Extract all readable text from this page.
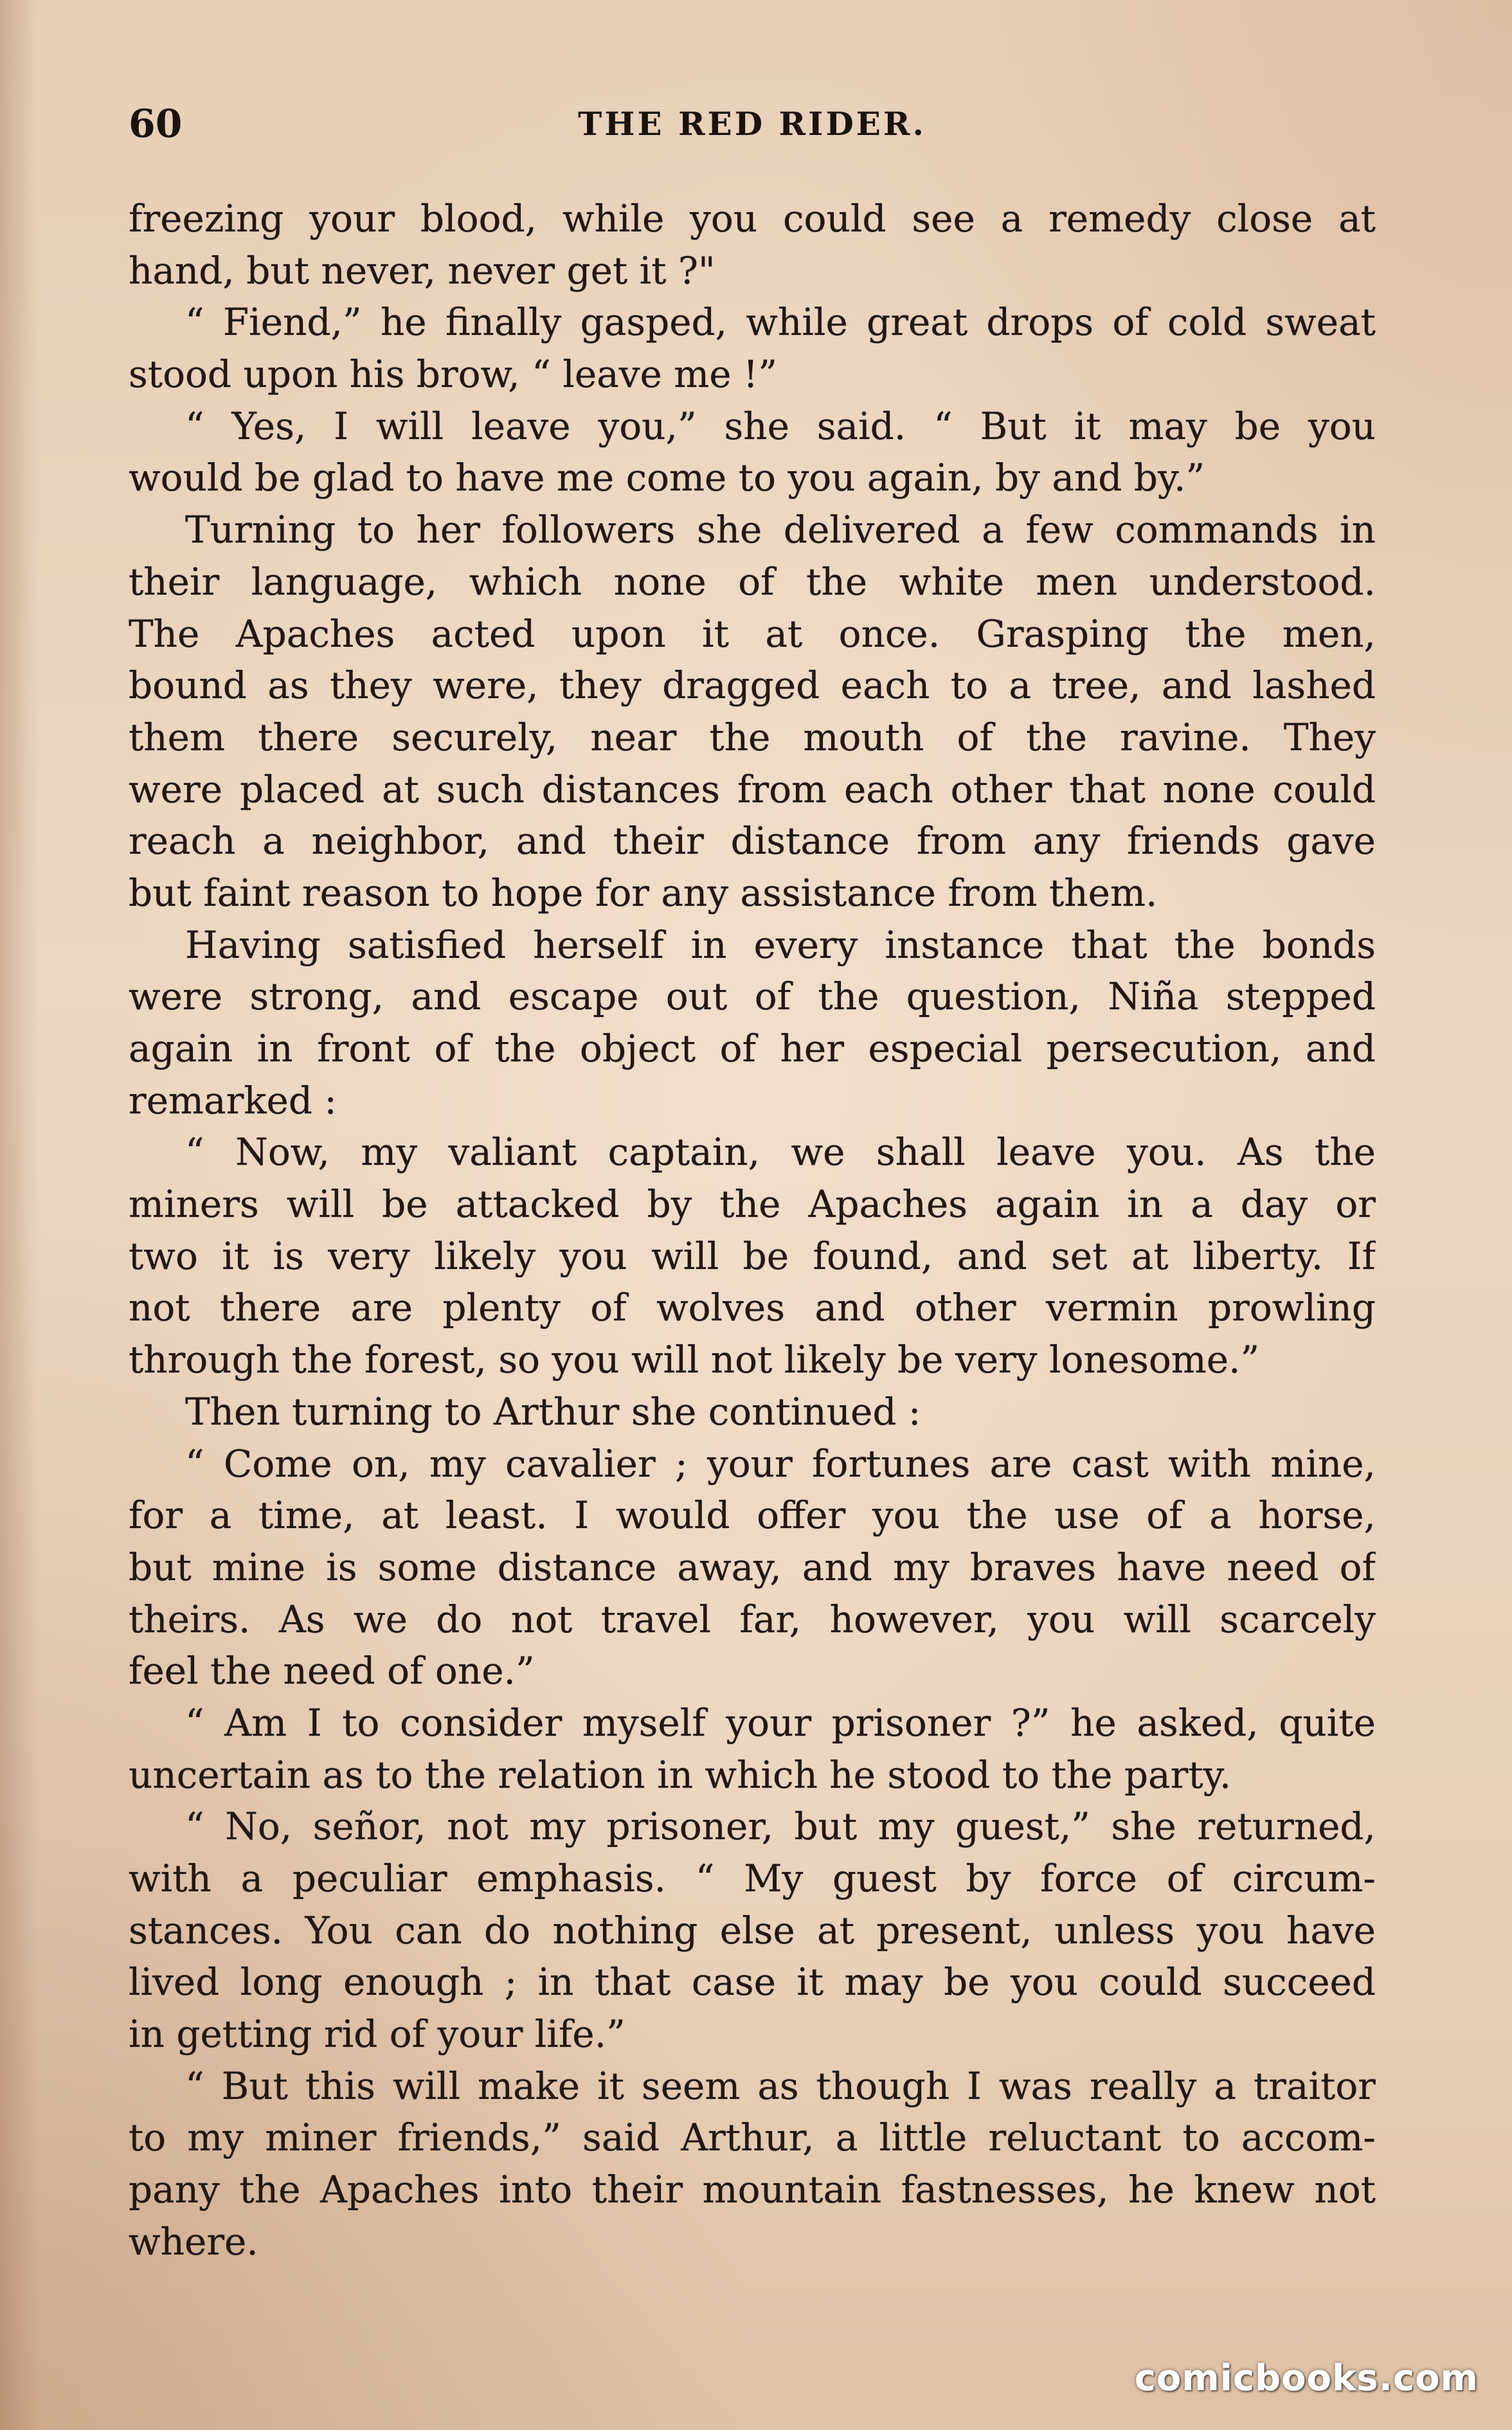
60	THE RED RIDER.
freezing your blood, while you could see a remedy close at
hand, but never, never get it ?"
“ Fiend,” he finally gasped, while great drops of cold sweat
stood upon his brow, “ leave me !”
“ Yes, I will leave you,” she said. “ But it may be you
would be glad to have me come to you again, by and by.”
Turning to her followers she delivered a few commands in
their language, which none of the white men understood.
The Apaches acted upon it at once. Grasping the men,
bound as they were, they dragged each to a tree, and lashed
them there securely, near the mouth of the ravine. They
were placed at such distances from each other that none could
reach a neighbor, and their distance from any friends gave
but faint reason to hope for any assistance from them.
Having satisfied herself in every instance that the bonds
were strong, and escape out of the question, Niña stepped
again in front of the object of her especial persecution, and
remarked :
“ Now, my valiant captain, we shall leave you. As the
miners will be attacked by the Apaches again in a day or
two it is very likely you will be found, and set at liberty. If
not there are plenty of wolves and other vermin prowling
through the forest, so you will not likely be very lonesome.”
Then turning to Arthur she continued :
“ Come on, my cavalier ; your fortunes are cast with mine,
for a time, at least. I would offer you the use of a horse,
but mine is some distance away, and my braves have need of
theirs. As we do not travel far, however, you will scarcely
feel the need of one.”
“ Am I to consider myself your prisoner ?” he asked, quite
uncertain as to the relation in which he stood to the party.
“ No, señor, not my prisoner, but my guest,” she returned,
with a peculiar emphasis. “ My guest by force of circum-
stances. You can do nothing else at present, unless you have
lived long enough ; in that case it may be you could succeed
in getting rid of your life.”
“ But this will make it seem as though I was really a traitor
to my miner friends,” said Arthur, a little reluctant to accom-
pany the Apaches into their mountain fastnesses, he knew not
where.
comicbooks.com
